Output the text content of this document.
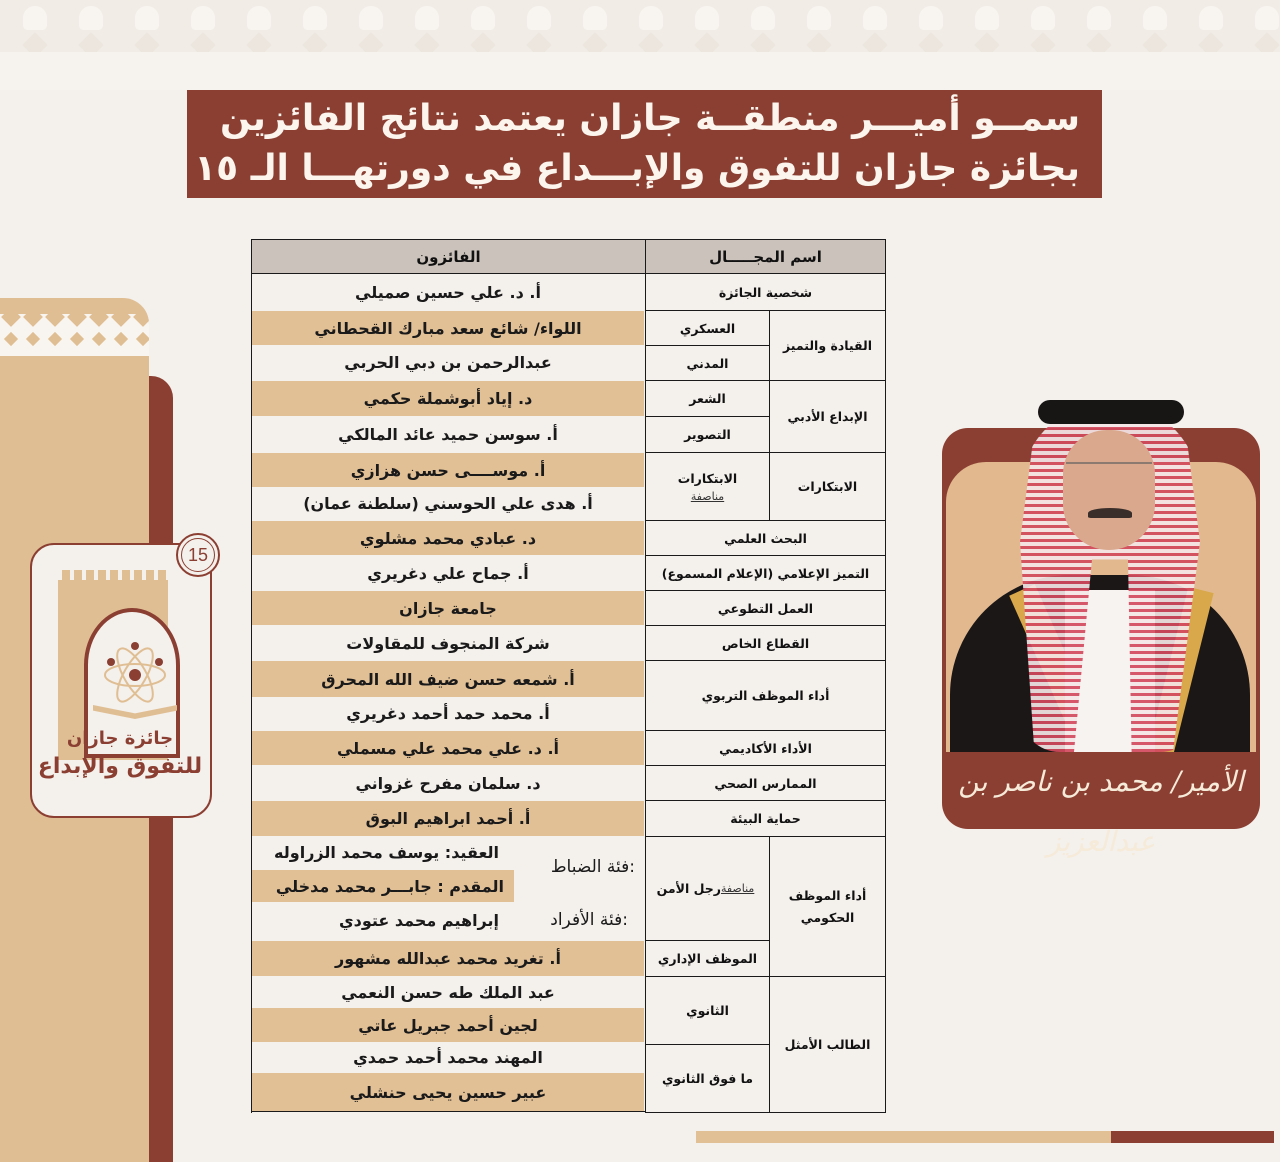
سمــو أميـــر منطقــة جازان يعتمد نتائج الفائزين
بجائزة جازان للتفوق والإبـــداع في دورتهـــا الـ ١٥
جائزة جازان
للتفوق والإبداع
15
الأمير/ محمد بن ناصر بن عبدالعزيز
اسم المجـــــال
الفائزون
شخصية الجائزة
أ. د. علي حسين صميلي
القيادة والتميز
العسكري
المدني
اللواء/ شائع سعد مبارك القحطاني
عبدالرحمن بن دبي الحربي
الإبداع الأدبي
الشعر
التصوير
د. إياد أبوشملة حكمي
أ. سوسن حميد عائد المالكي
الابتكارات
الابتكارات
مناصفة
أ. موســــى حسن هزازي
أ. هدى علي الحوسني (سلطنة عمان)
البحث العلمي
د. عبادي محمد مشلوي
التميز الإعلامي (الإعلام المسموع)
أ. جماح علي دغريري
العمل التطوعي
جامعة جازان
القطاع الخاص
شركة المنجوف للمقاولات
أداء الموظف التربوي
أ. شمعه حسن ضيف الله المحرق
أ. محمد حمد أحمد دغريري
الأداء الأكاديمي
أ. د. علي محمد علي مسملي
الممارس الصحي
د. سلمان مفرح غزواني
حماية البيئة
أ. أحمد ابراهيم البوق
أداء الموظف الحكومي
رجل الأمن مناصفة
الموظف الإداري
فئة الضباط:
العقيد: يوسف محمد الزراوله
المقدم : جابـــر محمد مدخلي
فئة الأفراد:
إبراهيم محمد عتودي
أ. تغريد محمد عبدالله مشهور
الطالب الأمثل
الثانوي
ما فوق الثانوي
عبد الملك طه حسن النعمي
لجين أحمد جبريل عاتي
المهند محمد أحمد حمدي
عبير حسين يحيى حنشلي
